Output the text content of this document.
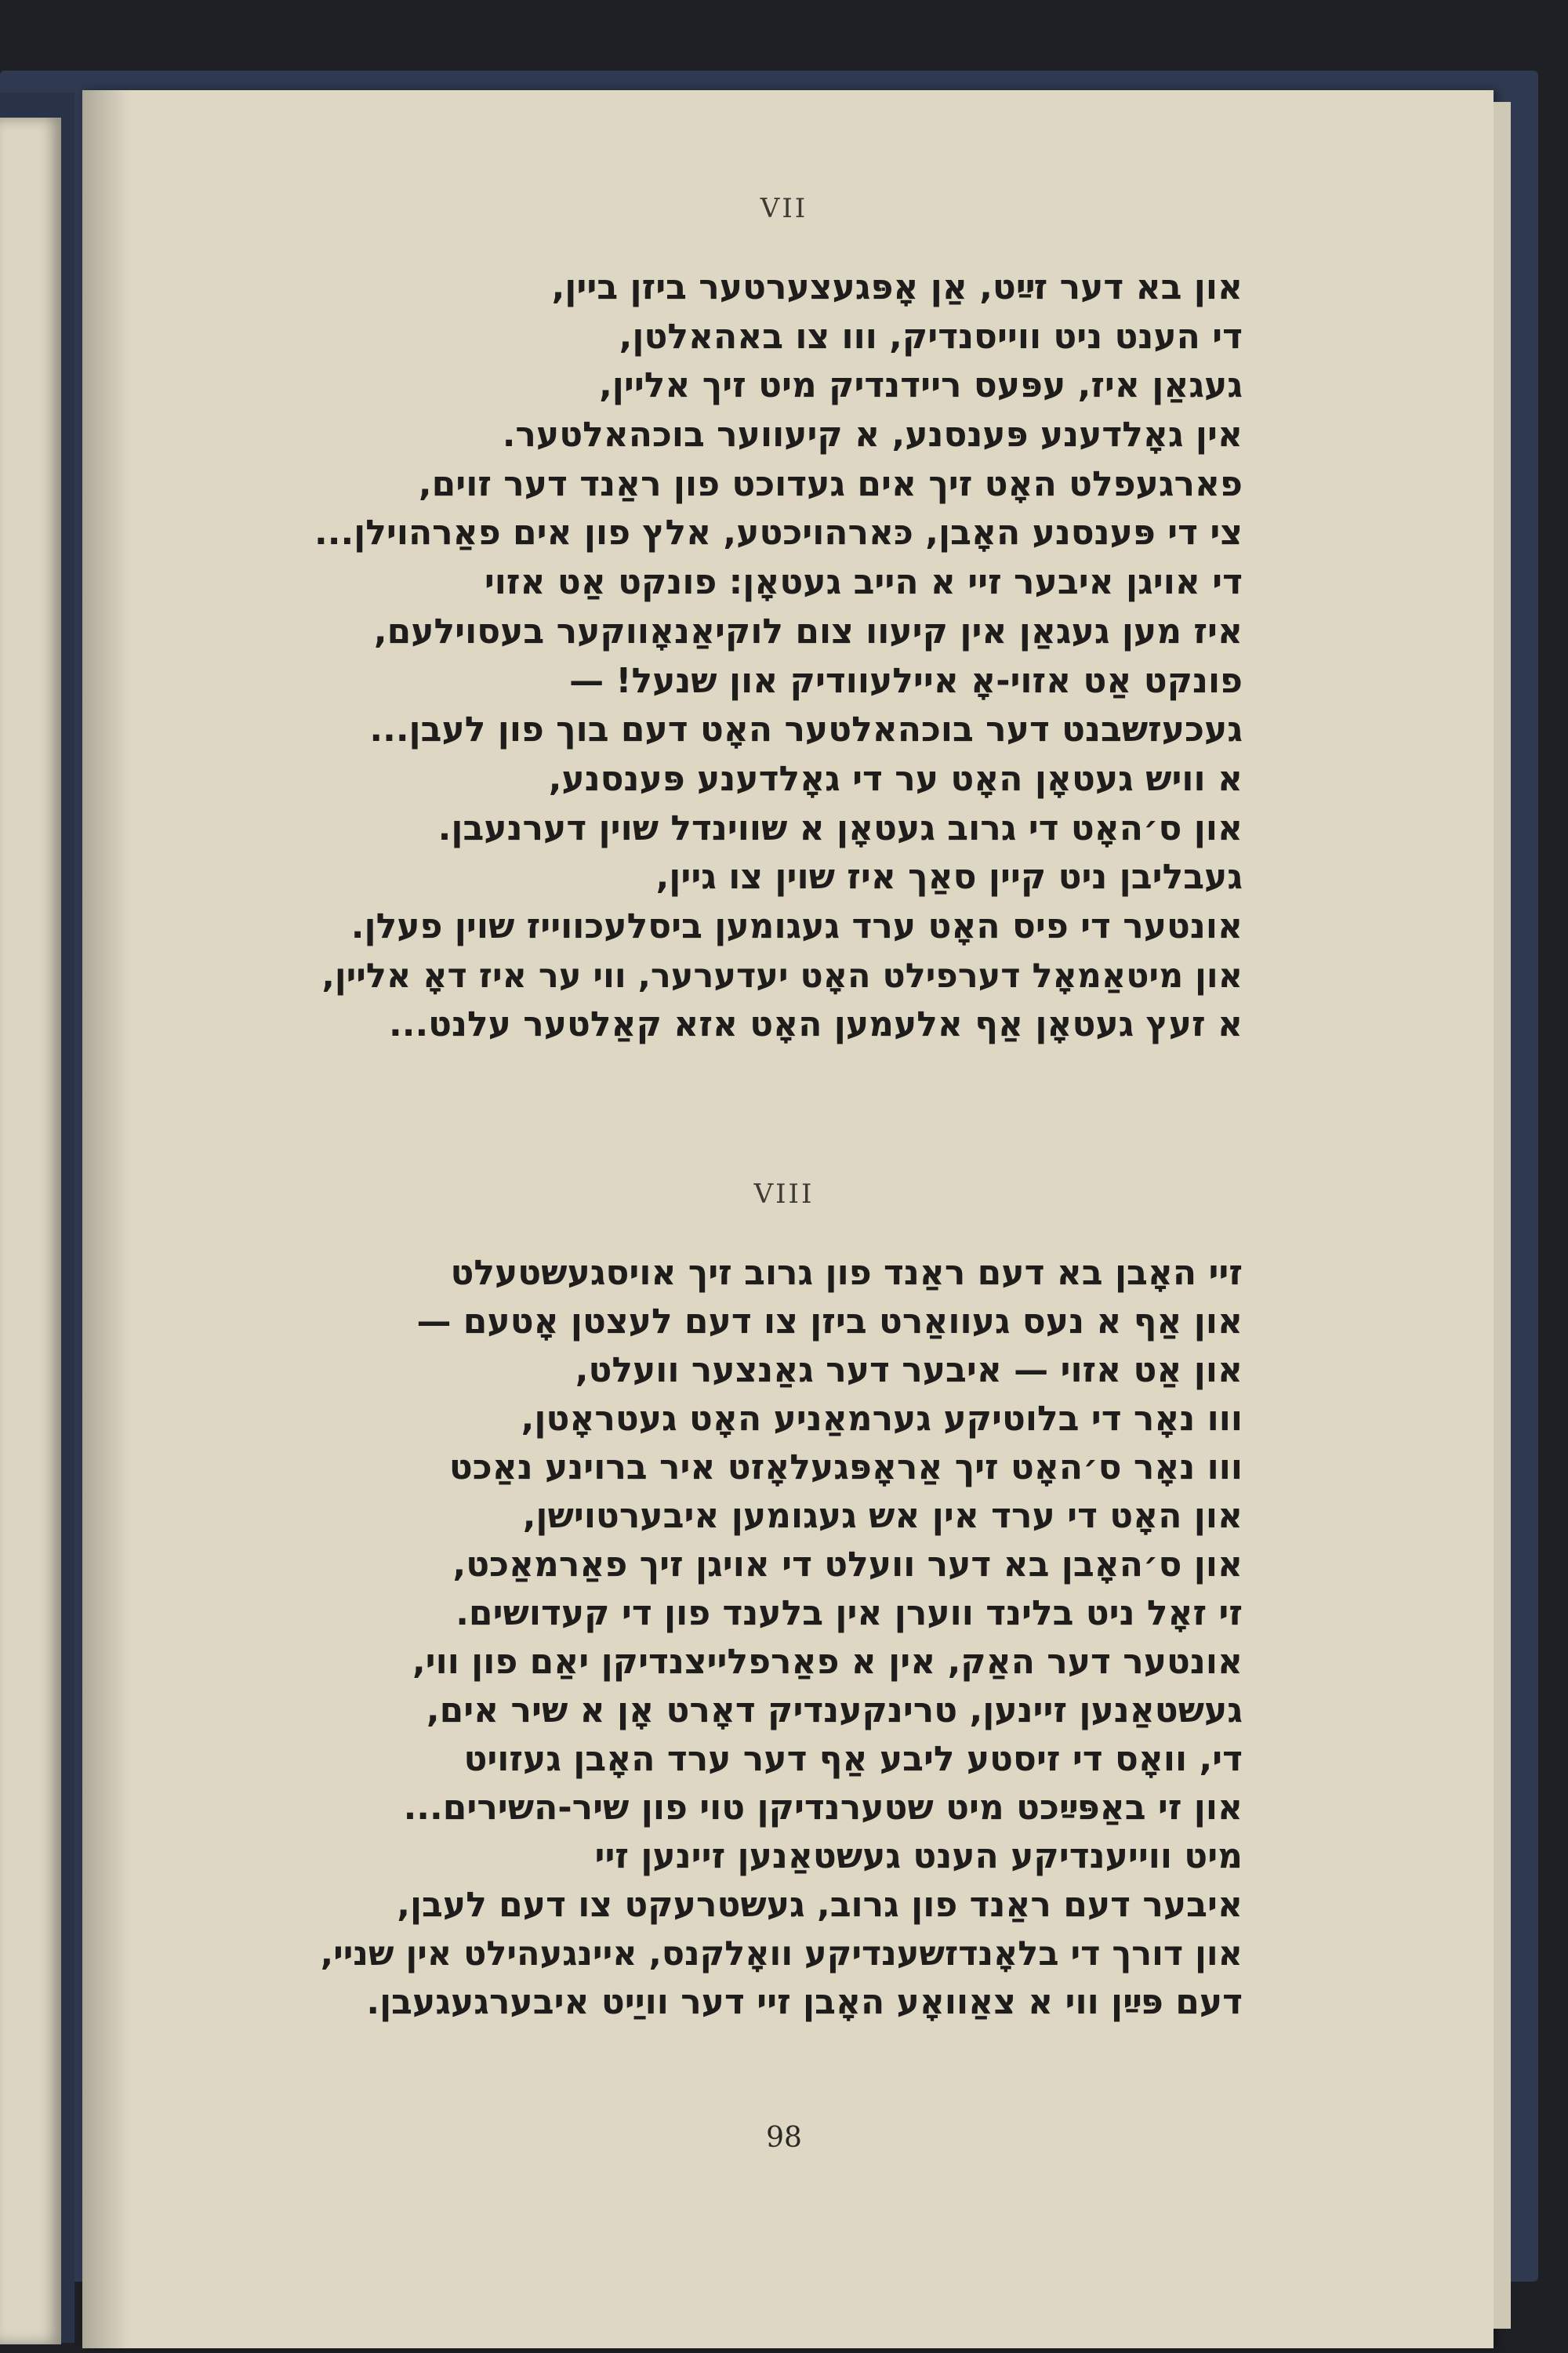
VII
און בא דער זײַט, אַן אָפּגעצערטער ביזן ביין,
די הענט ניט ווייסנדיק, ווו צו באהאלטן,
געגאַן איז, עפּעס ריידנדיק מיט זיך אליין,
אין גאָלדענע פּענסנע, א קיעווער בוכהאלטער.
פארגעפלט האָט זיך אים געדוכט פון ראַנד דער זוים,
צי די פּענסנע האָבן, כּארהויכטע, אלץ פון אים פאַרהוילן...
די אויגן איבער זיי א הייב געטאָן: פונקט אַט אזוי
איז מען געגאַן אין קיעוו צום לוקיאַנאָווקער בעסוילעם,
פונקט אַט אזוי-אָ איילעוודיק און שנעל! —
געכעזשבנט דער בוכהאלטער האָט דעם בוך פון לעבן...
א וויש געטאָן האָט ער די גאָלדענע פּענסנע,
און ס׳האָט די גרוב געטאָן א שווינדל שוין דערנעבן.
געבליבן ניט קיין סאַך איז שוין צו גיין,
אונטער די פיס האָט ערד געגומען ביסלעכווייז שוין פעלן.
און מיטאַמאָל דערפילט האָט יעדערער, ווי ער איז דאָ אליין,
א זעץ געטאָן אַף אלעמען האָט אזא קאַלטער עלנט...
VIII
זיי האָבן בא דעם ראַנד פון גרוב זיך אויסגעשטעלט
און אַף א נעס געוואַרט ביזן צו דעם לעצטן אָטעם —
און אַט אזוי — איבער דער גאַנצער וועלט,
ווו נאָר די בלוטיקע גערמאַניע האָט געטראָטן,
ווו נאָר ס׳האָט זיך אַראָפּגעלאָזט איר ברוינע נאַכט
און האָט די ערד אין אש געגומען איבערטוישן,
און ס׳האָבן בא דער וועלט די אויגן זיך פאַרמאַכט,
זי זאָל ניט בלינד ווערן אין בלענד פון די קעדושים.
אונטער דער האַק, אין א פאַרפלייצנדיקן יאַם פון ווי,
געשטאַנען זיינען, טרינקענדיק דאָרט אָן א שיר אים,
די, וואָס די זיסטע ליבע אַף דער ערד האָבן געזויט
און זי באַפּײַכט מיט שטערנדיקן טוי פון שיר-השירים...
מיט ווייענדיקע הענט געשטאַנען זיינען זיי
איבער דעם ראַנד פון גרוב, געשטרעקט צו דעם לעבן,
און דורך די בלאָנדזשענדיקע וואָלקנס, איינגעהילט אין שניי,
דעם פּײַן ווי א צאַוואָע האָבן זיי דער וויַיט איבערגעגעבן.
98
